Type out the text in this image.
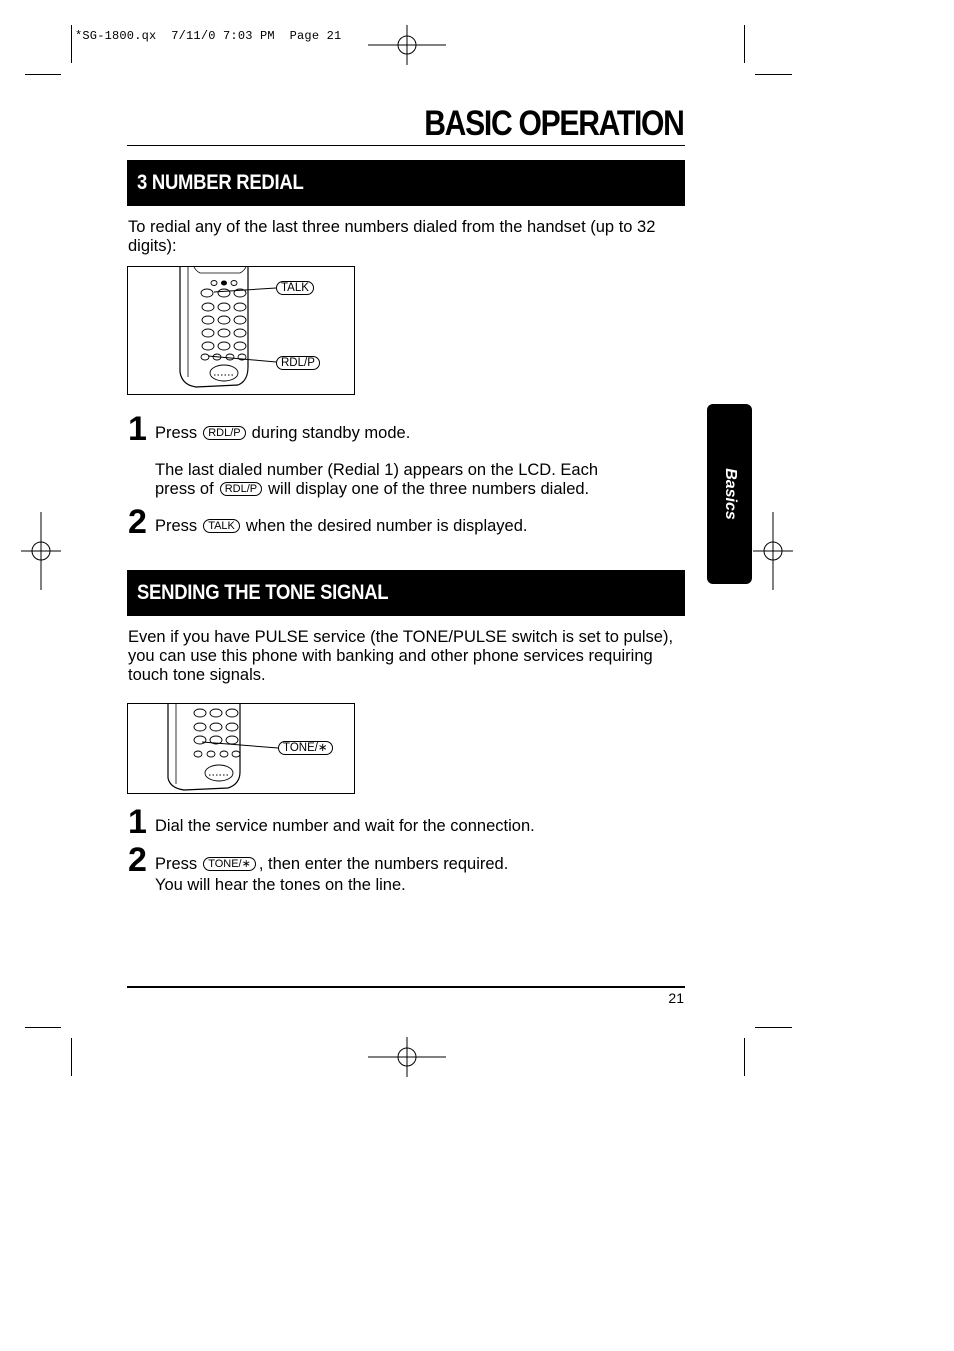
*SG-1800.qx  7/11/0 7:03 PM  Page 21
BASIC OPERATION
Basics
3 NUMBER REDIAL
To redial any of the last three numbers dialed from the handset (up to 32 digits):
TALK
RDL/P
1 Press RDL/P during standby mode.
The last dialed number (Redial 1) appears on the LCD. Each
press of RDL/P will display one of the three numbers dialed.
2 Press TALK when the desired number is displayed.
SENDING THE TONE SIGNAL
Even if you have PULSE service (the TONE/PULSE switch is set to pulse), you can use this phone with banking and other phone services requiring touch tone signals.
TONE/∗
1 Dial the service number and wait for the connection.
2 Press TONE/∗ , then enter the numbers required.
You will hear the tones on the line.
21
